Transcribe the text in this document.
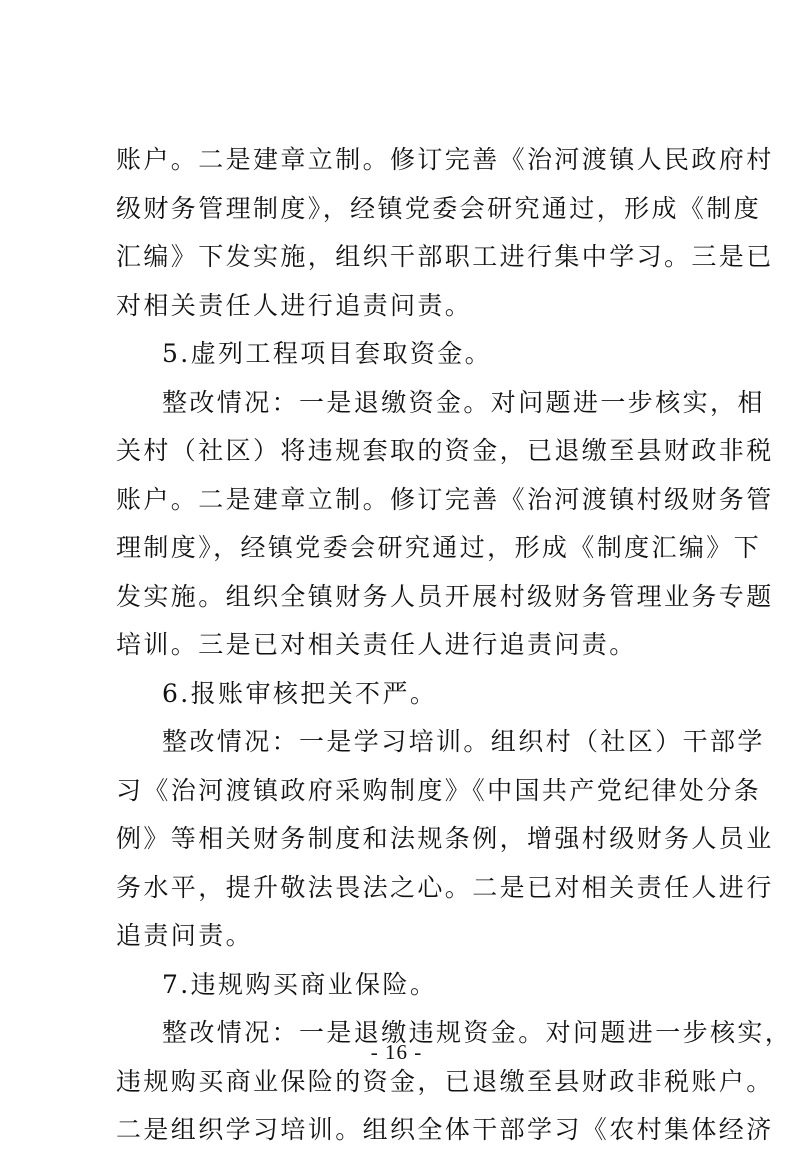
账户。二是建章立制。修订完善《治河渡镇人民政府村
级财务管理制度》，经镇党委会研究通过，形成《制度
汇编》下发实施，组织干部职工进行集中学习。三是已
对相关责任人进行追责问责。
5.虚列工程项目套取资金。
整改情况：一是退缴资金。对问题进一步核实，相
关村（社区）将违规套取的资金，已退缴至县财政非税
账户。二是建章立制。修订完善《治河渡镇村级财务管
理制度》，经镇党委会研究通过，形成《制度汇编》下
发实施。组织全镇财务人员开展村级财务管理业务专题
培训。三是已对相关责任人进行追责问责。
6.报账审核把关不严。
整改情况：一是学习培训。组织村（社区）干部学
习《治河渡镇政府采购制度》《中国共产党纪律处分条
例》等相关财务制度和法规条例，增强村级财务人员业
务水平，提升敬法畏法之心。二是已对相关责任人进行
追责问责。
7.违规购买商业保险。
整改情况：一是退缴违规资金。对问题进一步核实，
违规购买商业保险的资金，已退缴至县财政非税账户。
二是组织学习培训。组织全体干部学习《农村集体经济
- 16 -
